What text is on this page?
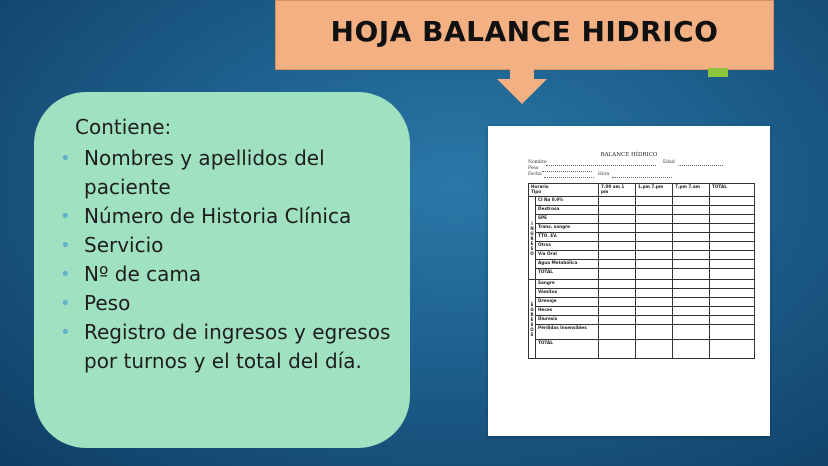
HOJA BALANCE HIDRICO
Contiene:
• Nombres y apellidos del paciente
• Número de Historia Clínica
• Servicio
• Nº de cama
• Peso
• Registro de ingresos y egresos por turnos y el total del día.
BALANCE HÍDRICO
Nombre	Edad
Peso
Fecha	Hora
Horario
Tipo		7.00 am 1 pm	1.pm 7.pm	7.pm 7.am	TOTAL
I N G R E S O	Cl Na 0.9%				
	Dextrosa				
	SPE				
	Trans. sangre				
	TTO. EV.				
	Otros				
	Vía Oral				
	Agua Metabólica				
	TOTAL				
E G R E S O S	Sangre				
	Vómitos				
	Drenaje				
	Heces				
	Diuresis				
	Pérdidas Insensibles				
	TOTAL				
